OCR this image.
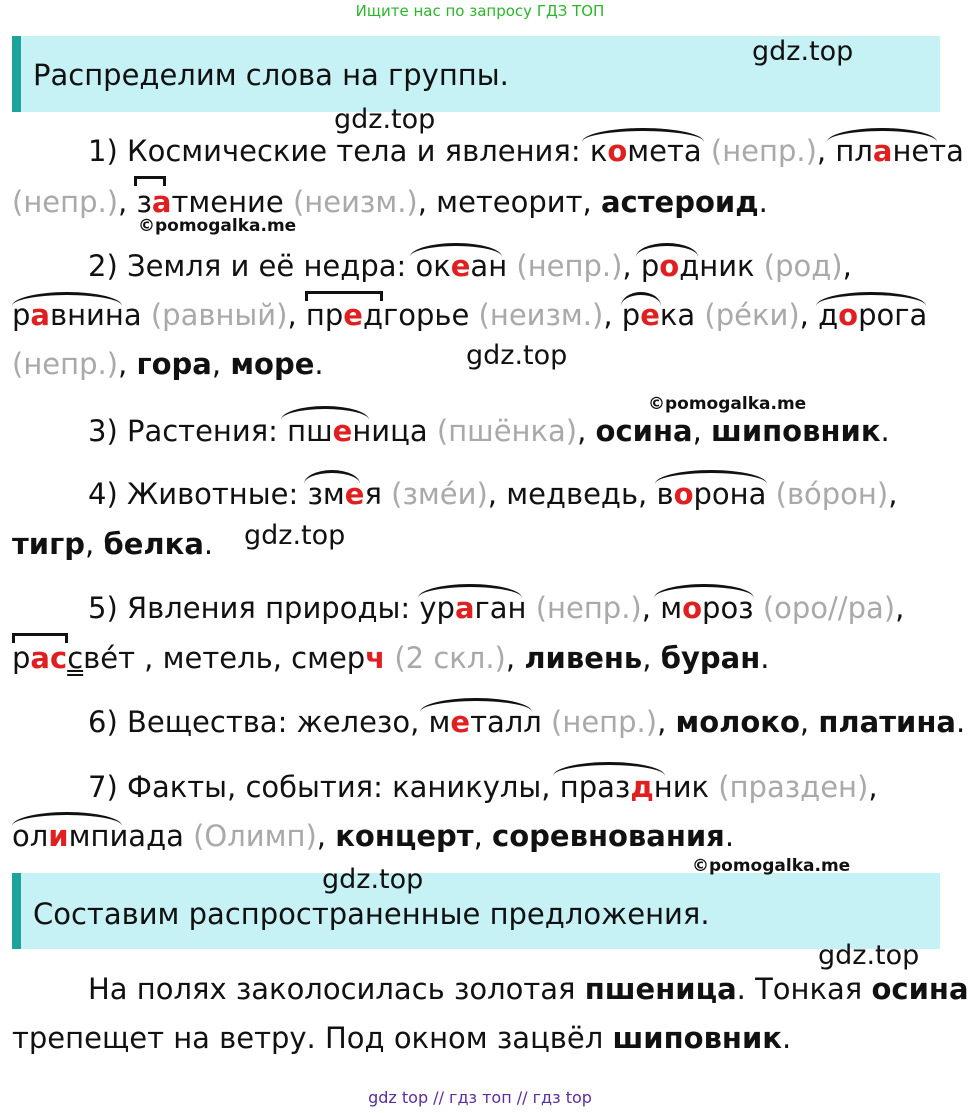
Ищите нас по запросу ГДЗ ТОП
Распределим слова на группы.
1) Космические тела и явления: комета (непр.), планета
(непр.), затмение (неизм.), метеорит, астероид.
2) Земля и её недра: океан (непр.), родник (род),
равнина (равный), предгорье (неизм.), река (ре́ки), дорога
(непр.), гора, море.
3) Растения: пшеница (пшёнка), осина, шиповник.
4) Животные: змея (зме́и), медведь, ворона (во́рон),
тигр, белка.
5) Явления природы: ураган (непр.), мороз (оро//ра),
рассве́т , метель, смерч (2 скл.), ливень, буран.
6) Вещества: железо, металл (непр.), молоко, платина.
7) Факты, события: каникулы, праздник (празден),
олимпиада (Олимп), концерт, соревнования.
Составим распространенные предложения.
На полях заколосилась золотая пшеница. Тонкая осина
трепещет на ветру. Под окном зацвёл шиповник.
gdz.top
gdz.top
©pomogalka.me
gdz.top
©pomogalka.me
gdz.top
©pomogalka.me
gdz.top
gdz.top
gdz top // гдз топ // гдз top
